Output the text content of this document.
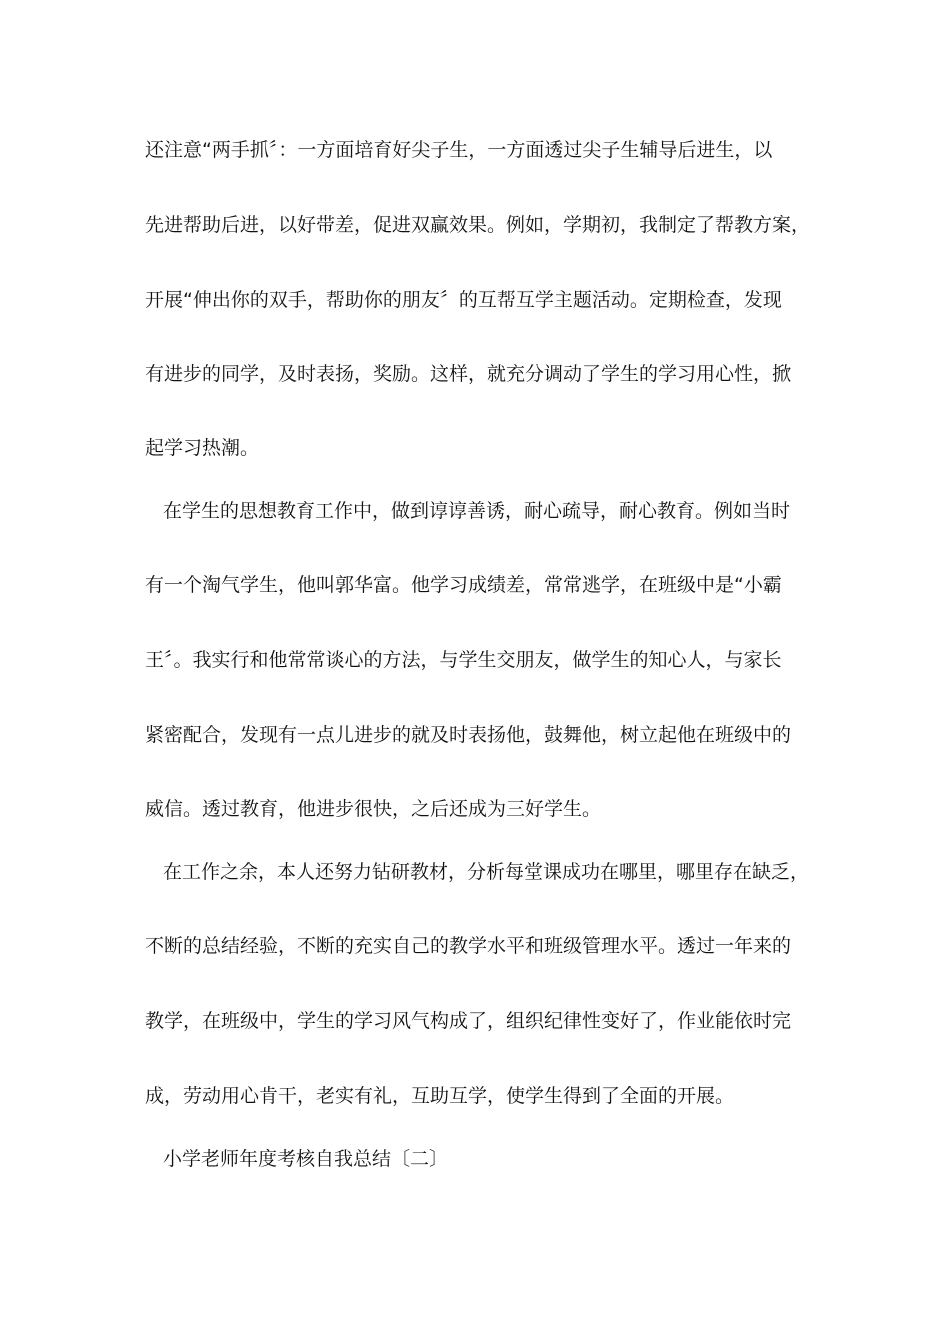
还注意“两手抓〞：一方面培育好尖子生，一方面透过尖子生辅导后进生，以
先进帮助后进，以好带差，促进双赢效果。例如，学期初，我制定了帮教方案，
开展“伸出你的双手，帮助你的朋友〞的互帮互学主题活动。定期检查，发现
有进步的同学，及时表扬，奖励。这样，就充分调动了学生的学习用心性，掀
起学习热潮。
在学生的思想教育工作中，做到谆谆善诱，耐心疏导，耐心教育。例如当时
有一个淘气学生，他叫郭华富。他学习成绩差，常常逃学，在班级中是“小霸
王〞。我实行和他常常谈心的方法，与学生交朋友，做学生的知心人，与家长
紧密配合，发现有一点儿进步的就及时表扬他，鼓舞他，树立起他在班级中的
威信。透过教育，他进步很快，之后还成为三好学生。
在工作之余，本人还努力钻研教材，分析每堂课成功在哪里，哪里存在缺乏，
不断的总结经验，不断的充实自己的教学水平和班级管理水平。透过一年来的
教学，在班级中，学生的学习风气构成了，组织纪律性变好了，作业能依时完
成，劳动用心肯干，老实有礼，互助互学，使学生得到了全面的开展。
小学老师年度考核自我总结〔二〕
